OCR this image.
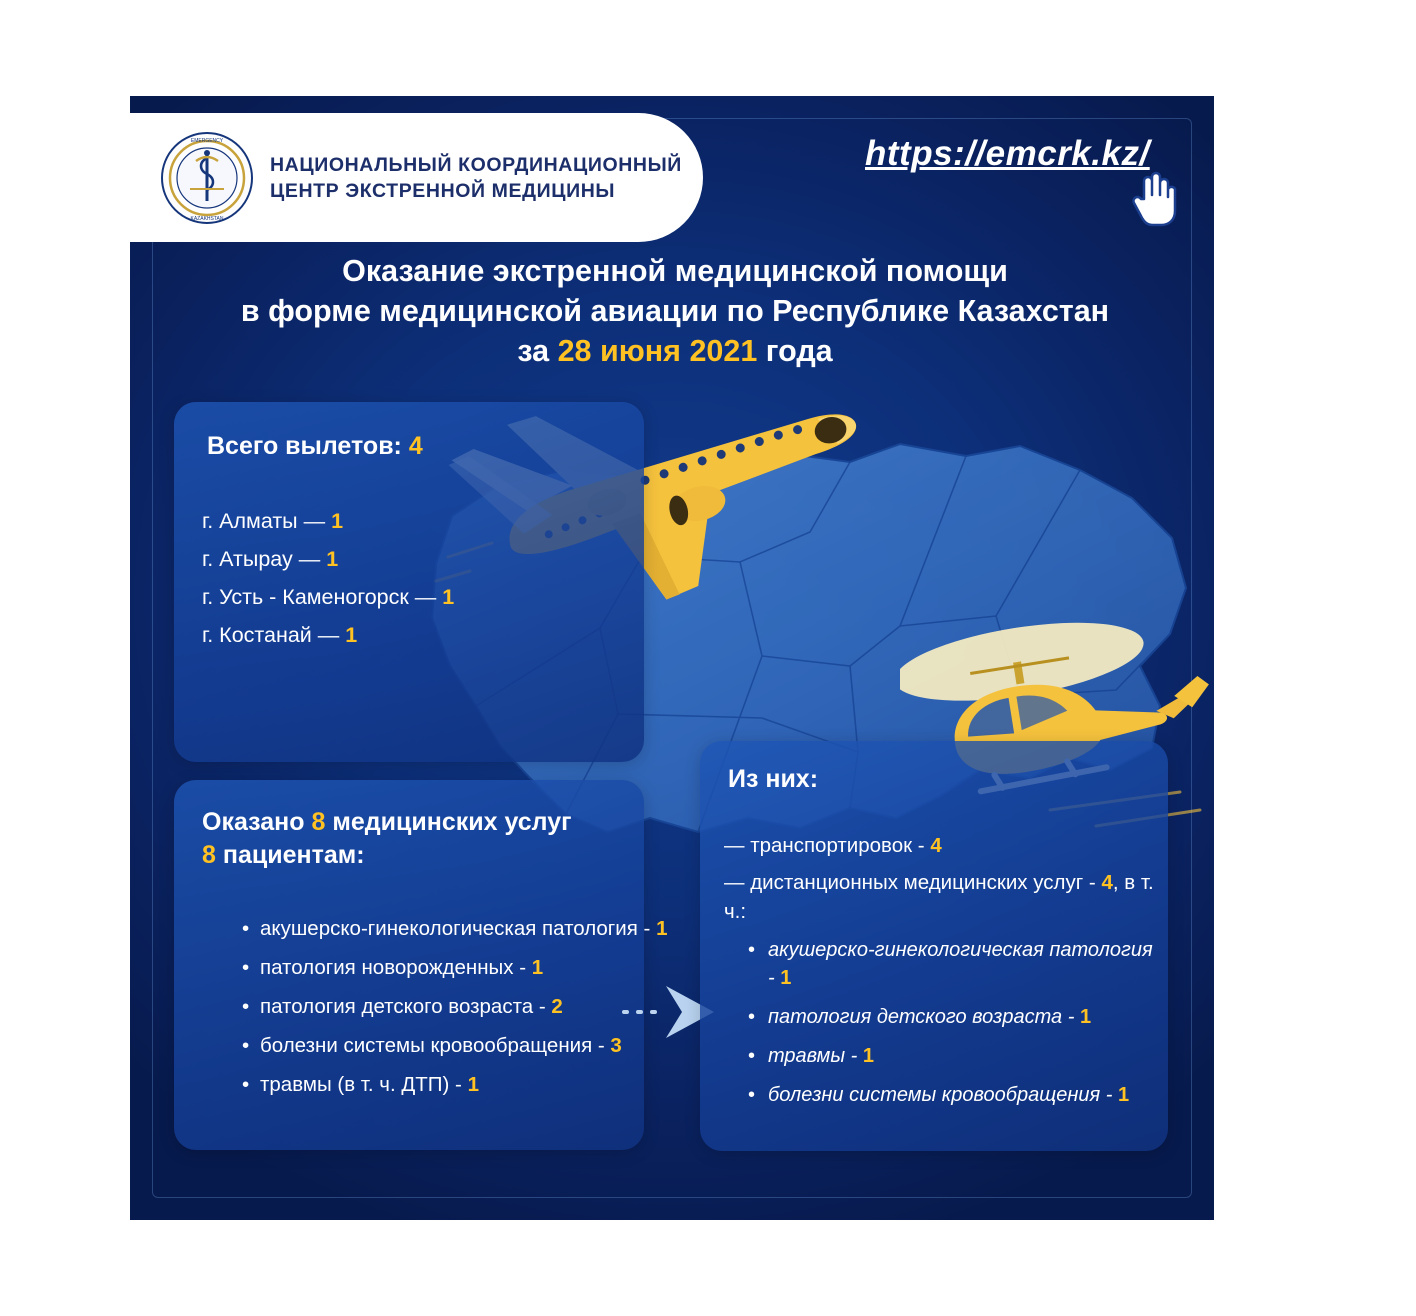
EMERGENCY
KAZAKHSTAN
НАЦИОНАЛЬНЫЙ КООРДИНАЦИОННЫЙ
ЦЕНТР ЭКСТРЕННОЙ МЕДИЦИНЫ
https://emcrk.kz/
Оказание экстренной медицинской помощи
в форме медицинской авиации по Республике Казахстан
за 28 июня 2021 года
Всего вылетов: 4
г. Алматы — 1
г. Атырау — 1
г. Усть - Каменогорск — 1
г. Костанай — 1
Оказано 8 медицинских услуг
8 пациентам:
• акушерско-гинекологическая патология - 1
• патология новорожденных - 1
• патология детского возраста - 2
• болезни системы кровообращения - 3
• травмы (в т. ч. ДТП) - 1
Из них:
— транспортировок - 4
— дистанционных медицинских услуг - 4, в т. ч.:
• акушерско-гинекологическая патология - 1
• патология детского возраста - 1
• травмы - 1
• болезни системы кровообращения - 1
